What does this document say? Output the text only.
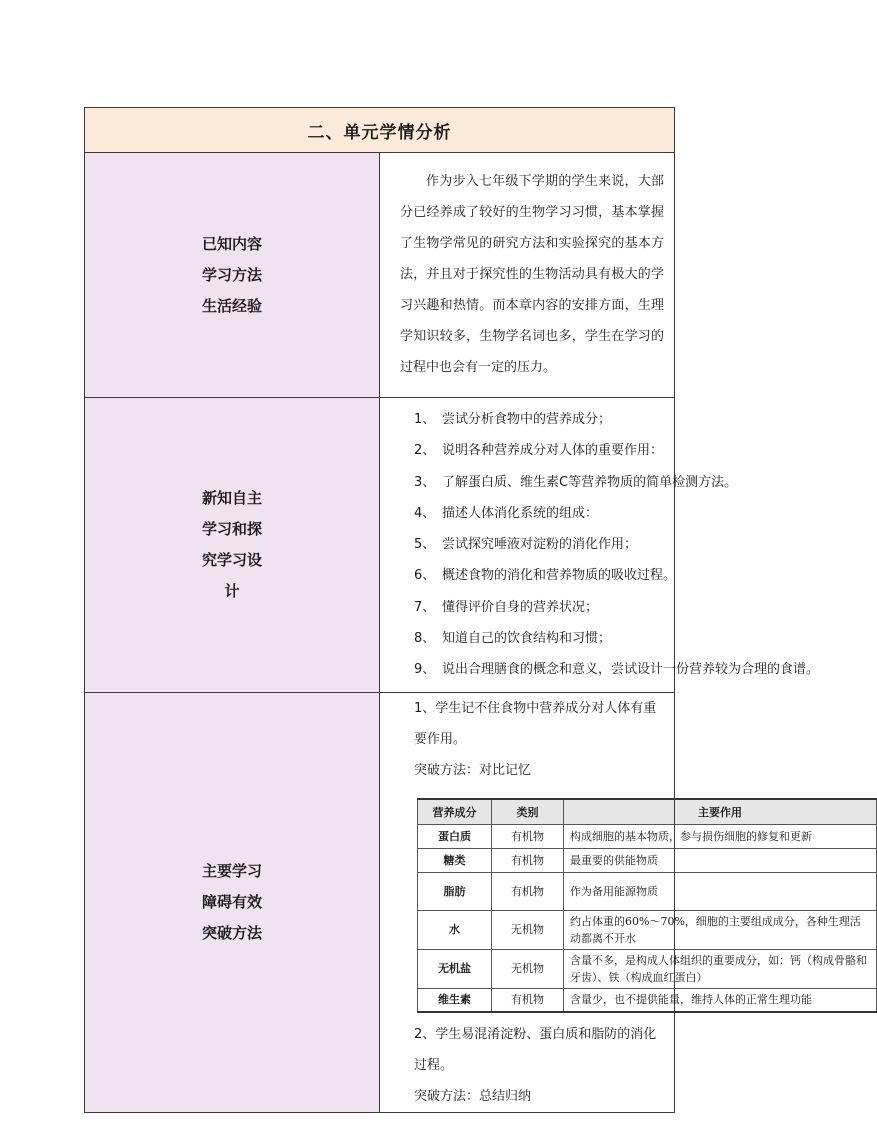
二、单元学情分析

已知内容
学习方法
生活经验

作为步入七年级下学期的学生来说，大部分已经养成了较好的生物学习习惯，基本掌握了生物学常见的研究方法和实验探究的基本方法，并且对于探究性的生物活动具有极大的学习兴趣和热情。而本章内容的安排方面，生理学知识较多，生物学名词也多，学生在学习的过程中也会有一定的压力。

新知自主
学习和探
究学习设
计

1、 尝试分析食物中的营养成分；
2、 说明各种营养成分对人体的重要作用：
3、 了解蛋白质、维生素C等营养物质的简单检测方法。
4、 描述人体消化系统的组成：
5、 尝试探究唾液对淀粉的消化作用；
6、 概述食物的消化和营养物质的吸收过程。
7、 懂得评价自身的营养状况；
8、 知道自己的饮食结构和习惯；
9、 说出合理膳食的概念和意义，尝试设计一份营养较为合理的食谱。

主要学习
障碍有效
突破方法

1、学生记不住食物中营养成分对人体有重要作用。

突破方法：对比记忆

营养成分	类别	主要作用
蛋白质	有机物	构成细胞的基本物质，参与损伤细胞的修复和更新
糖类	有机物	最重要的供能物质
脂肪	有机物	作为备用能源物质
水	无机物	约占体重的60%～70%，细胞的主要组成成分，各种生理活动都离不开水
无机盐	无机物	含量不多，是构成人体组织的重要成分，如：钙（构成骨骼和牙齿）、铁（构成血红蛋白）
维生素	有机物	含量少，也不提供能量，维持人体的正常生理功能

2、学生易混淆淀粉、蛋白质和脂防的消化过程。

突破方法：总结归纳
